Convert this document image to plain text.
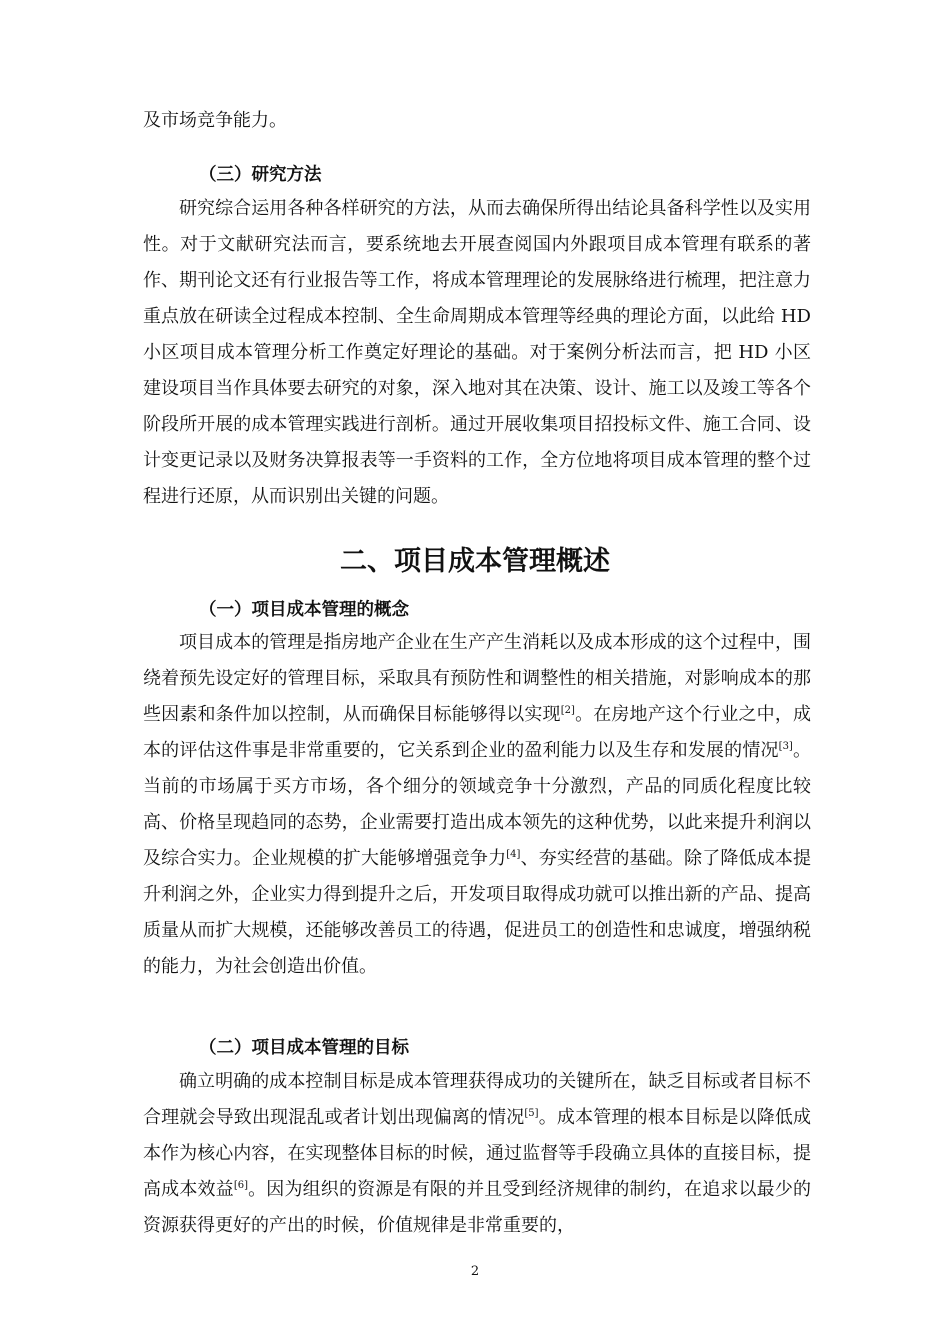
及市场竞争能力。

（三）研究方法

研究综合运用各种各样研究的方法，从而去确保所得出结论具备科学性以及实用性。对于文献研究法而言，要系统地去开展查阅国内外跟项目成本管理有联系的著作、期刊论文还有行业报告等工作，将成本管理理论的发展脉络进行梳理，把注意力重点放在研读全过程成本控制、全生命周期成本管理等经典的理论方面，以此给 HD 小区项目成本管理分析工作奠定好理论的基础。对于案例分析法而言，把 HD 小区建设项目当作具体要去研究的对象，深入地对其在决策、设计、施工以及竣工等各个阶段所开展的成本管理实践进行剖析。通过开展收集项目招投标文件、施工合同、设计变更记录以及财务决算报表等一手资料的工作，全方位地将项目成本管理的整个过程进行还原，从而识别出关键的问题。

二、项目成本管理概述
（一）项目成本管理的概念

项目成本的管理是指房地产企业在生产产生消耗以及成本形成的这个过程中，围绕着预先设定好的管理目标，采取具有预防性和调整性的相关措施，对影响成本的那些因素和条件加以控制，从而确保目标能够得以实现[2]。在房地产这个行业之中，成本的评估这件事是非常重要的，它关系到企业的盈利能力以及生存和发展的情况[3]。当前的市场属于买方市场，各个细分的领域竞争十分激烈，产品的同质化程度比较高、价格呈现趋同的态势，企业需要打造出成本领先的这种优势，以此来提升利润以及综合实力。企业规模的扩大能够增强竞争力[4]、夯实经营的基础。除了降低成本提升利润之外，企业实力得到提升之后，开发项目取得成功就可以推出新的产品、提高质量从而扩大规模，还能够改善员工的待遇，促进员工的创造性和忠诚度，增强纳税的能力，为社会创造出价值。

（二）项目成本管理的目标

确立明确的成本控制目标是成本管理获得成功的关键所在，缺乏目标或者目标不合理就会导致出现混乱或者计划出现偏离的情况[5]。成本管理的根本目标是以降低成本作为核心内容，在实现整体目标的时候，通过监督等手段确立具体的直接目标，提高成本效益[6]。因为组织的资源是有限的并且受到经济规律的制约，在追求以最少的资源获得更好的产出的时候，价值规律是非常重要的，

2
